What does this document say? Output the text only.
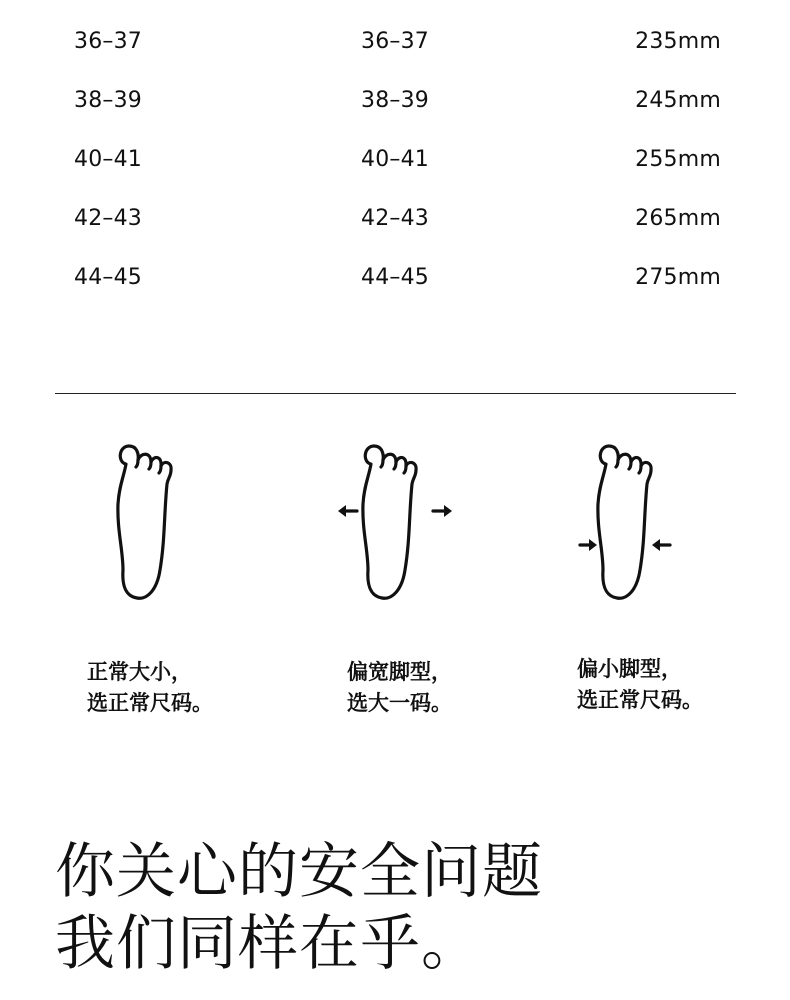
36–37	36–37	235mm
38–39	38–39	245mm
40–41	40–41	255mm
42–43	42–43	265mm
44–45	44–45	275mm
正常大小，
选正常尺码。
偏宽脚型，
选大一码。
偏小脚型，
选正常尺码。
你关心的安全问题
我们同样在乎。
